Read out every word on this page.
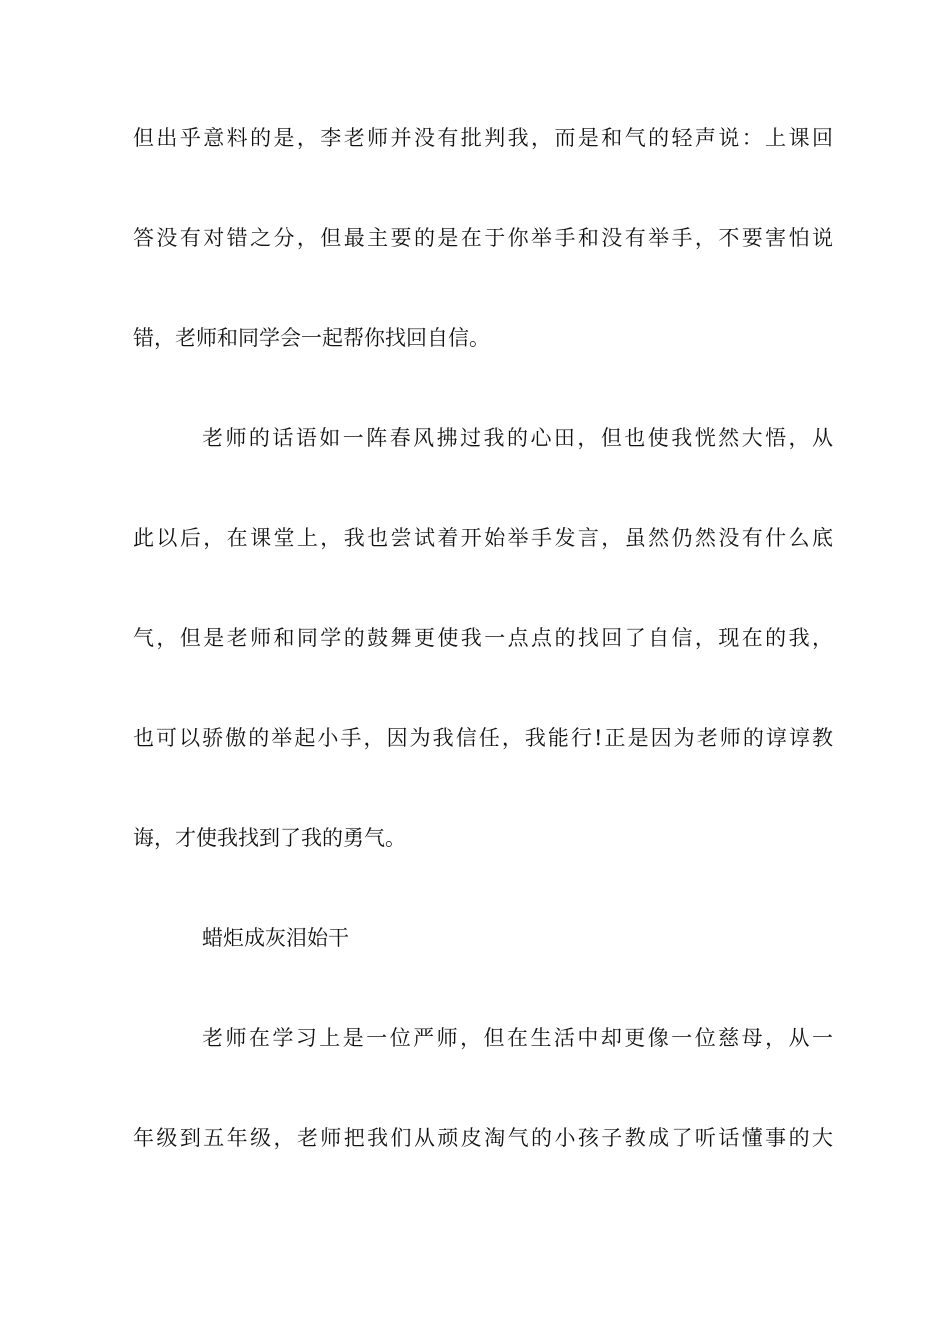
但出乎意料的是，李老师并没有批判我，而是和气的轻声说：上课回
答没有对错之分，但最主要的是在于你举手和没有举手，不要害怕说
错，老师和同学会一起帮你找回自信。
老师的话语如一阵春风拂过我的心田，但也使我恍然大悟，从
此以后，在课堂上，我也尝试着开始举手发言，虽然仍然没有什么底
气，但是老师和同学的鼓舞更使我一点点的找回了自信，现在的我，
也可以骄傲的举起小手，因为我信任，我能行!正是因为老师的谆谆教
诲，才使我找到了我的勇气。
蜡炬成灰泪始干
老师在学习上是一位严师，但在生活中却更像一位慈母，从一
年级到五年级，老师把我们从顽皮淘气的小孩子教成了听话懂事的大
